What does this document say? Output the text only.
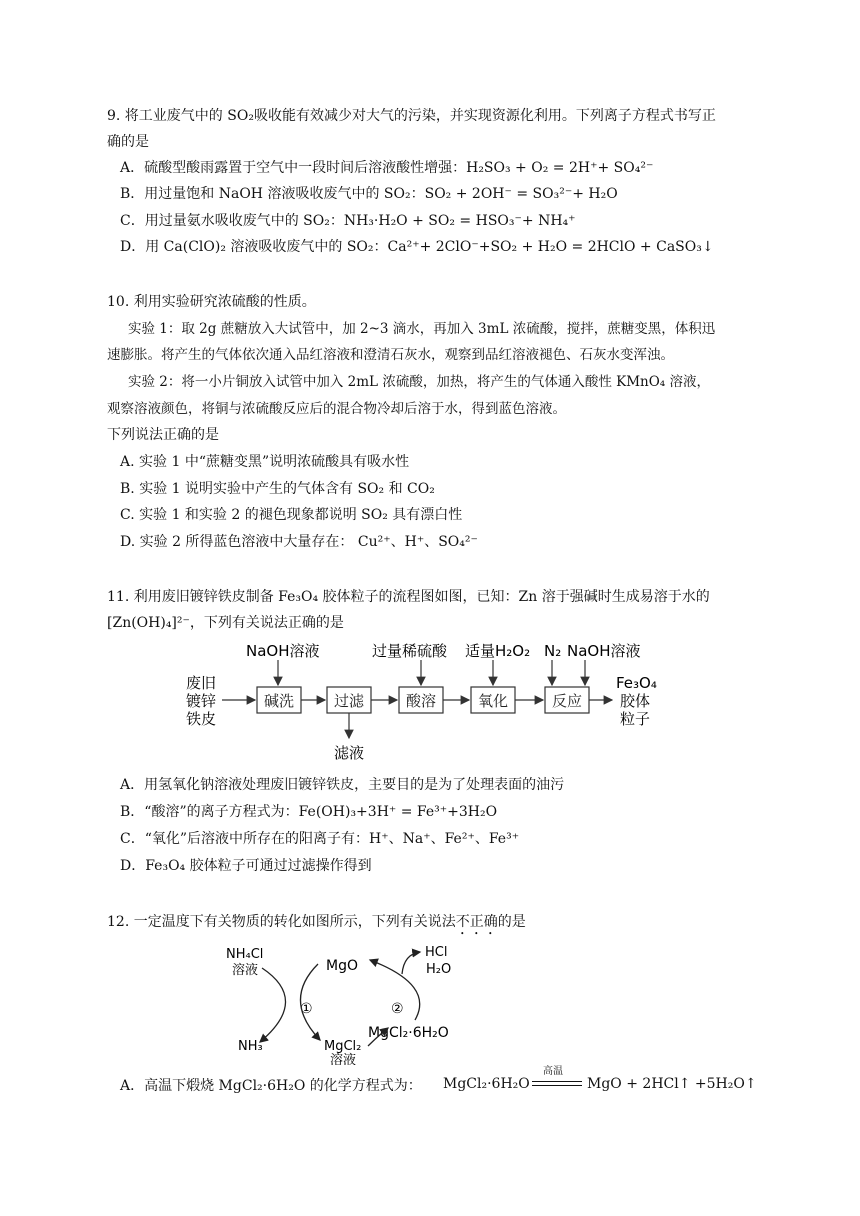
9. 将工业废气中的 SO₂吸收能有效减少对大气的污染，并实现资源化利用。下列离子方程式书写正
确的是
A．硫酸型酸雨露置于空气中一段时间后溶液酸性增强：H₂SO₃ + O₂ = 2H⁺+ SO₄²⁻
B．用过量饱和 NaOH 溶液吸收废气中的 SO₂：SO₂ + 2OH⁻ = SO₃²⁻+ H₂O
C．用过量氨水吸收废气中的 SO₂：NH₃·H₂O + SO₂ = HSO₃⁻+ NH₄⁺
D．用 Ca(ClO)₂ 溶液吸收废气中的 SO₂：Ca²⁺+ 2ClO⁻+SO₂ + H₂O = 2HClO + CaSO₃↓
10. 利用实验研究浓硫酸的性质。
实验 1：取 2g 蔗糖放入大试管中，加 2~3 滴水，再加入 3mL 浓硫酸，搅拌，蔗糖变黑，体积迅
速膨胀。将产生的气体依次通入品红溶液和澄清石灰水，观察到品红溶液褪色、石灰水变浑浊。
实验 2：将一小片铜放入试管中加入 2mL 浓硫酸，加热，将产生的气体通入酸性 KMnO₄ 溶液，
观察溶液颜色，将铜与浓硫酸反应后的混合物冷却后溶于水，得到蓝色溶液。
下列说法正确的是
A. 实验 1 中“蔗糖变黑”说明浓硫酸具有吸水性
B. 实验 1 说明实验中产生的气体含有 SO₂ 和 CO₂
C. 实验 1 和实验 2 的褪色现象都说明 SO₂ 具有漂白性
D. 实验 2 所得蓝色溶液中大量存在： Cu²⁺、H⁺、SO₄²⁻
11. 利用废旧镀锌铁皮制备 Fe₃O₄ 胶体粒子的流程图如图，已知：Zn 溶于强碱时生成易溶于水的
[Zn(OH)₄]²⁻，下列有关说法正确的是
废旧
镀锌
铁皮
NaOH溶液	过量稀硫酸 适量H₂O₂ N₂ NaOH溶液
碱洗	过滤
滤液
酸溶	氧化	反应
Fe₃O₄
胶体
粒子
A．用氢氧化钠溶液处理废旧镀锌铁皮，主要目的是为了处理表面的油污
B．“酸溶”的离子方程式为：Fe(OH)₃+3H⁺ = Fe³⁺+3H₂O
C．“氧化”后溶液中所存在的阳离子有：H⁺、Na⁺、Fe²⁺、Fe³⁺
D．Fe₃O₄ 胶体粒子可通过过滤操作得到
12. 一定温度下有关物质的转化如图所示，下列有关说法不正确的是
NH₄Cl
溶液	MgO
HCl
H₂O
NH₃	MgCl₂
溶液
MgCl₂·6H₂O
①	②
A．高温下煅烧 MgCl₂·6H₂O 的化学方程式为： MgCl₂·6H₂O
高温
MgO + 2HCl↑ +5H₂O↑
